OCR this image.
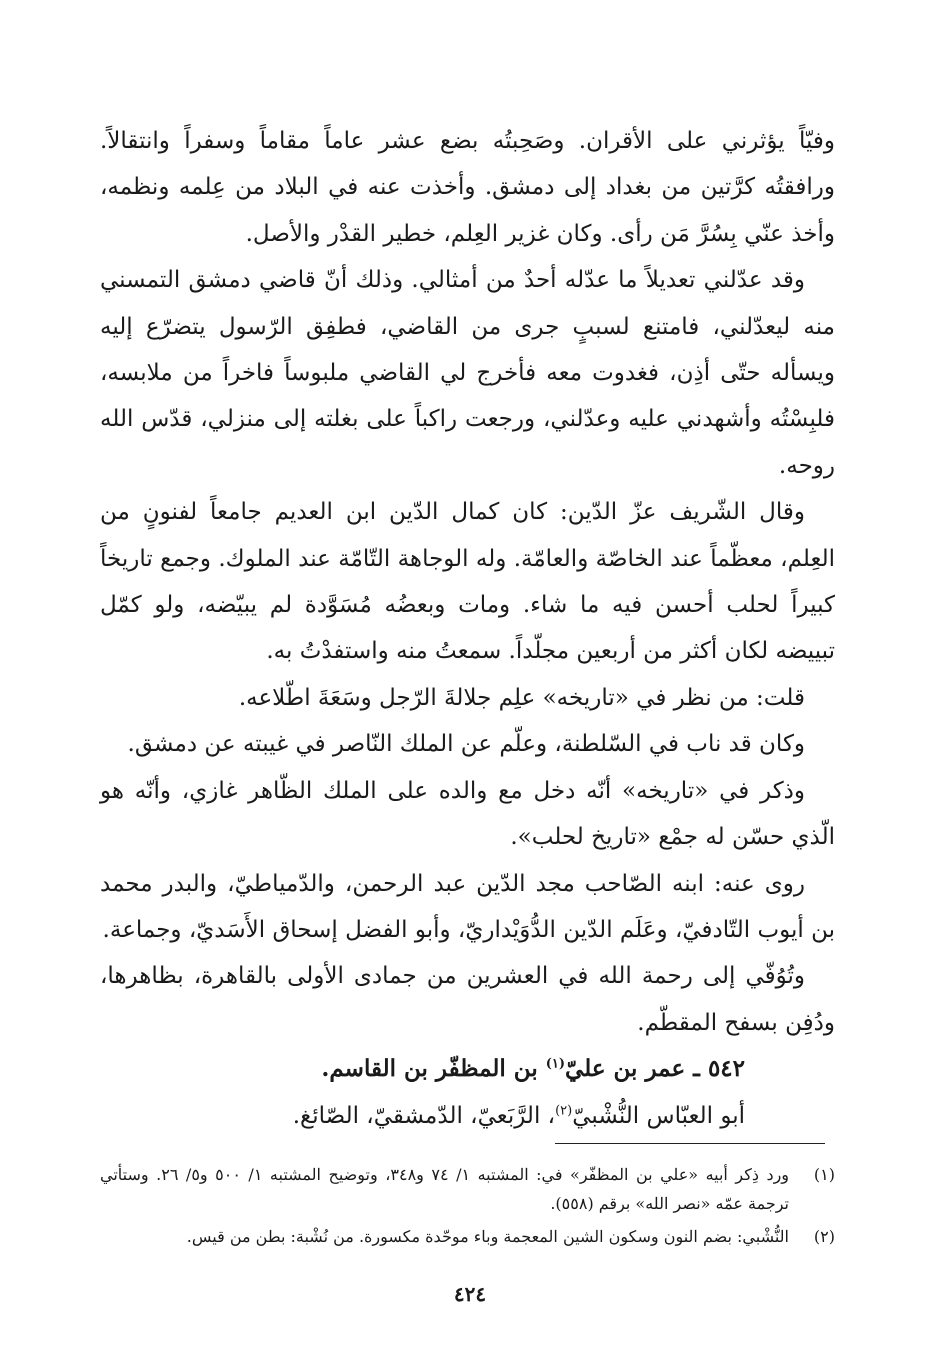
وفيّاً يؤثرني على الأقران. وصَحِبتُه بضع عشر عاماً مقاماً وسفراً وانتقالاً. ورافقتُه كرَّتين من بغداد إلى دمشق. وأخذت عنه في البلاد من عِلمه ونظمه، وأخذ عنّي بِسُرَّ مَن رأى. وكان غزير العِلم، خطير القدْر والأصل.

وقد عدّلني تعديلاً ما عدّله أحدٌ من أمثالي. وذلك أنّ قاضي دمشق التمسني منه ليعدّلني، فامتنع لسببٍ جرى من القاضي، فطفِق الرّسول يتضرّع إليه ويسأله حتّى أذِن، فغدوت معه فأخرج لي القاضي ملبوساً فاخراً من ملابسه، فلبِسْتُه وأشهدني عليه وعدّلني، ورجعت راكباً على بغلته إلى منزلي، قدّس الله روحه.

وقال الشّريف عزّ الدّين: كان كمال الدّين ابن العديم جامعاً لفنونٍ من العِلم، معظّماً عند الخاصّة والعامّة. وله الوجاهة التّامّة عند الملوك. وجمع تاريخاً كبيراً لحلب أحسن فيه ما شاء. ومات وبعضُه مُسَوَّدة لم يبيّضه، ولو كمّل تبييضه لكان أكثر من أربعين مجلّداً. سمعتُ منه واستفدْتُ به.

قلت: من نظر في «تاريخه» علِم جلالةَ الرّجل وسَعَةَ اطّلاعه.

وكان قد ناب في السّلطنة، وعلّم عن الملك النّاصر في غيبته عن دمشق.

وذكر في «تاريخه» أنّه دخل مع والده على الملك الظّاهر غازي، وأنّه هو الّذي حسّن له جمْع «تاريخ لحلب».

روى عنه: ابنه الصّاحب مجد الدّين عبد الرحمن، والدّمياطيّ، والبدر محمد بن أيوب التّادفيّ، وعَلَم الدّين الدُّوَيْداريّ، وأبو الفضل إسحاق الأَسَديّ، وجماعة.

وتُوُفّي إلى رحمة الله في العشرين من جمادى الأولى بالقاهرة، بظاهرها، ودُفِن بسفح المقطّم.

٥٤٢ ـ عمر بن عليّ$^{(١)}$ بن المظفّر بن القاسم.

أبو العبّاس النُّشْبيّ$^{(٢)}$، الرَّبَعيّ، الدّمشقيّ، الصّائغ.

(١)
ورد ذِكر أبيه «علي بن المظفّر» في: المشتبه ١/ ٧٤ و٣٤٨، وتوضيح المشتبه ١/ ٥٠٠ و٥/ ٢٦. وستأتي ترجمة عمّه «نصر الله» برقم (٥٥٨).
(٢)
النُّشْبي: بضم النون وسكون الشين المعجمة وباء موحّدة مكسورة. من نُشْبة: بطن من قيس.
٤٢٤
